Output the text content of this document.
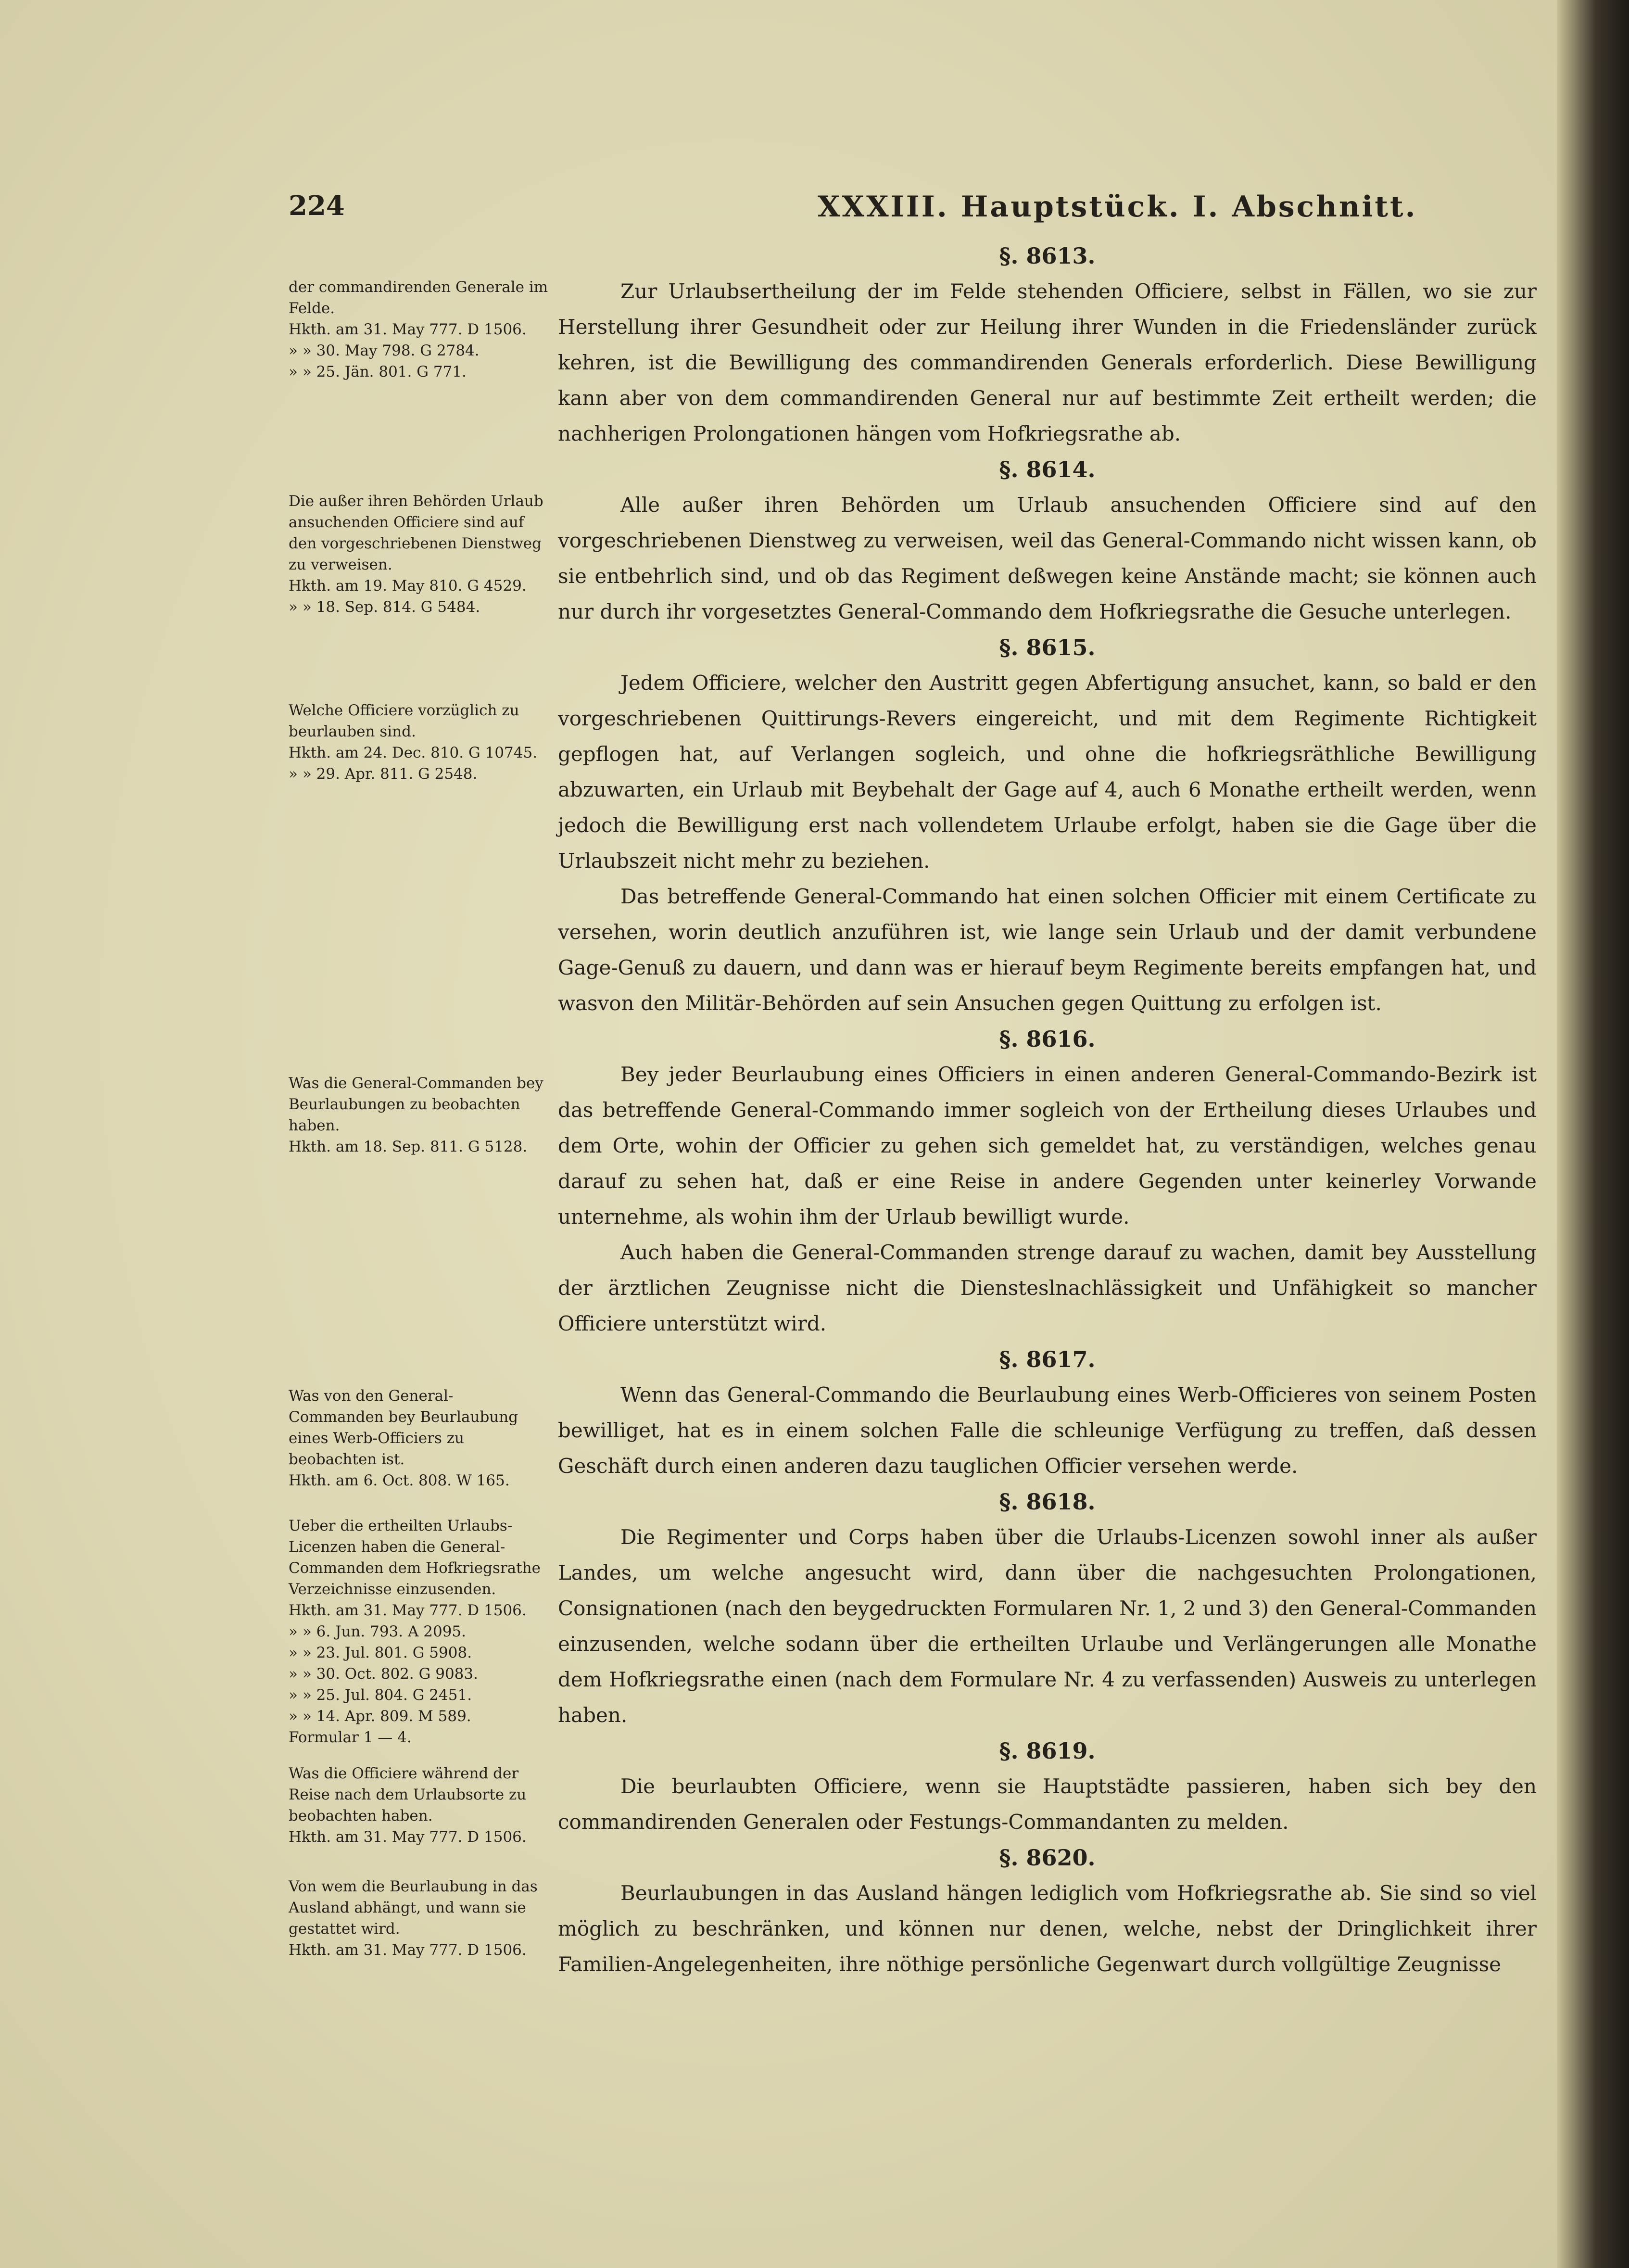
224	XXXIII. Hauptstück. I. Abschnitt.
der commandirenden Generale im Felde.
Hkth. am 31. May 777. D 1506.
» » 30. May 798. G 2784.
» » 25. Jän. 801. G 771.
Die außer ihren Behörden Urlaub ansuchenden Officiere sind auf den vorgeschriebenen Dienstweg zu verweisen.
Hkth. am 19. May 810. G 4529.
» » 18. Sep. 814. G 5484.
Welche Officiere vorzüglich zu beurlauben sind.
Hkth. am 24. Dec. 810. G 10745.
» » 29. Apr. 811. G 2548.
Was die General-Commanden bey Beurlaubungen zu beobachten haben.
Hkth. am 18. Sep. 811. G 5128.
Was von den General-Commanden bey Beurlaubung eines Werb-Officiers zu beobachten ist.
Hkth. am 6. Oct. 808. W 165.
Ueber die ertheilten Urlaubs-Licenzen haben die General-Commanden dem Hofkriegsrathe Verzeichnisse einzusenden.
Hkth. am 31. May 777. D 1506.
» » 6. Jun. 793. A 2095.
» » 23. Jul. 801. G 5908.
» » 30. Oct. 802. G 9083.
» » 25. Jul. 804. G 2451.
» » 14. Apr. 809. M 589.
Formular 1 — 4.
Was die Officiere während der Reise nach dem Urlaubsorte zu beobachten haben.
Hkth. am 31. May 777. D 1506.
Von wem die Beurlaubung in das Ausland abhängt, und wann sie gestattet wird.
Hkth. am 31. May 777. D 1506.

§. 8613.

Zur Urlaubsertheilung der im Felde stehenden Officiere, selbst in Fällen, wo sie zur Herstellung ihrer Gesundheit oder zur Heilung ihrer Wunden in die Friedensländer zurück kehren, ist die Bewilligung des commandirenden Generals erforderlich. Diese Bewilligung kann aber von dem commandirenden General nur auf bestimmte Zeit ertheilt werden; die nachherigen Prolongationen hängen vom Hofkriegsrathe ab.

§. 8614.

Alle außer ihren Behörden um Urlaub ansuchenden Officiere sind auf den vorgeschriebenen Dienstweg zu verweisen, weil das General-Commando nicht wissen kann, ob sie entbehrlich sind, und ob das Regiment deßwegen keine Anstände macht; sie können auch nur durch ihr vorgesetztes General-Commando dem Hofkriegsrathe die Gesuche unterlegen.

§. 8615.

Jedem Officiere, welcher den Austritt gegen Abfertigung ansuchet, kann, so bald er den vorgeschriebenen Quittirungs-Revers eingereicht, und mit dem Regimente Richtigkeit gepflogen hat, auf Verlangen sogleich, und ohne die hofkriegsräthliche Bewilligung abzuwarten, ein Urlaub mit Beybehalt der Gage auf 4, auch 6 Monathe ertheilt werden, wenn jedoch die Bewilligung erst nach vollendetem Urlaube erfolgt, haben sie die Gage über die Urlaubszeit nicht mehr zu beziehen.

Das betreffende General-Commando hat einen solchen Officier mit einem Certificate zu versehen, worin deutlich anzuführen ist, wie lange sein Urlaub und der damit verbundene Gage-Genuß zu dauern, und dann was er hierauf beym Regimente bereits empfangen hat, und wasvon den Militär-Behörden auf sein Ansuchen gegen Quittung zu erfolgen ist.

§. 8616.

Bey jeder Beurlaubung eines Officiers in einen anderen General-Commando-Bezirk ist das betreffende General-Commando immer sogleich von der Ertheilung dieses Urlaubes und dem Orte, wohin der Officier zu gehen sich gemeldet hat, zu verständigen, welches genau darauf zu sehen hat, daß er eine Reise in andere Gegenden unter keinerley Vorwande unternehme, als wohin ihm der Urlaub bewilligt wurde.

Auch haben die General-Commanden strenge darauf zu wachen, damit bey Ausstellung der ärztlichen Zeugnisse nicht die Diensteslnachlässigkeit und Unfähigkeit so mancher Officiere unterstützt wird.

§. 8617.

Wenn das General-Commando die Beurlaubung eines Werb-Officieres von seinem Posten bewilliget, hat es in einem solchen Falle die schleunige Verfügung zu treffen, daß dessen Geschäft durch einen anderen dazu tauglichen Officier versehen werde.

§. 8618.

Die Regimenter und Corps haben über die Urlaubs-Licenzen sowohl inner als außer Landes, um welche angesucht wird, dann über die nachgesuchten Prolongationen, Consignationen (nach den beygedruckten Formularen Nr. 1, 2 und 3) den General-Commanden einzusenden, welche sodann über die ertheilten Urlaube und Verlängerungen alle Monathe dem Hofkriegsrathe einen (nach dem Formulare Nr. 4 zu verfassenden) Ausweis zu unterlegen haben.

§. 8619.

Die beurlaubten Officiere, wenn sie Hauptstädte passieren, haben sich bey den commandirenden Generalen oder Festungs-Commandanten zu melden.

§. 8620.

Beurlaubungen in das Ausland hängen lediglich vom Hofkriegsrathe ab. Sie sind so viel möglich zu beschränken, und können nur denen, welche, nebst der Dringlichkeit ihrer Familien-Angelegenheiten, ihre nöthige persönliche Gegenwart durch vollgültige Zeugnisse
